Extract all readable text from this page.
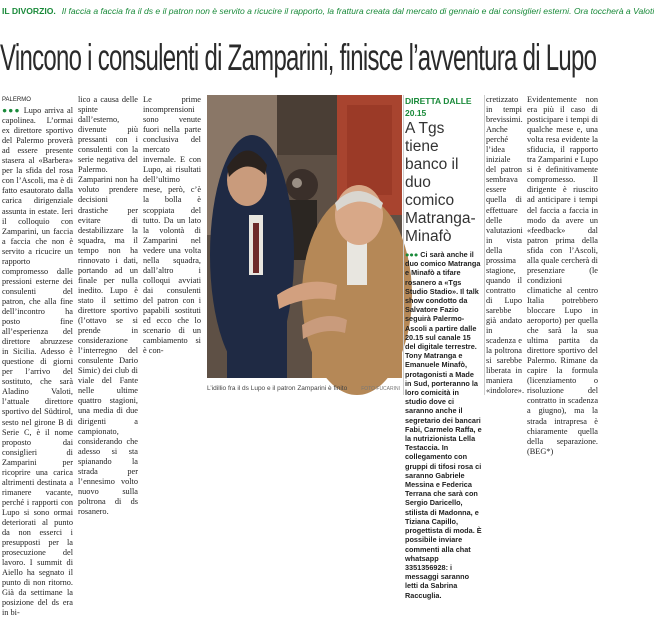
IL DIVORZIO. Il faccia a faccia fra il ds e il patron non è servito a ricucire il rapporto, la frattura creata dal mercato di gennaio e dai consiglieri esterni. Ora toccherà a Valoti
Vincono i consulenti di Zamparini, finisce l’avventura di Lupo
PALERMO
●●● Lupo arriva al capolinea. L’ormai ex direttore sportivo del Palermo proverà ad essere presente stasera al «Barbera» per la sfida del rosa con l’Ascoli, ma è di fatto esautorato dalla carica dirigenziale assunta in estate. Ieri il colloquio con Zamparini, un faccia a faccia che non è servito a ricucire un rapporto compromesso dalle pressioni esterne dei consulenti del patron, che alla fine dell’incontro ha posto fine all’esperienza del direttore abruzzese in Sicilia. Adesso è questione di giorni per l’arrivo del sostituto, che sarà Aladino Valoti, l’attuale direttore sportivo del Südtirol, sesto nel girone B di Serie C, è il nome proposto dai consiglieri di Zamparini per ricoprire una carica altrimenti destinata a rimanere vacante, perché i rapporti con Lupo si sono ormai deteriorati al punto da non esserci i presupposti per la prosecuzione del lavoro. I summit di Aiello ha segnato il punto di non ritorno. Già da settimane la posizione del ds era in bi-
lico a causa delle spinte dall’esterno, divenute più pressanti con i consulenti con la serie negativa del Palermo. Zamparini non ha voluto prendere decisioni drastiche per evitare di destabilizzare la squadra, ma il tempo non ha rinnovato i dati, portando ad un finale per nulla inedito. Lupo è stato il settimo direttore sportivo (l’ottavo se si prende in considerazione l’interregno del consulente Dario Simic) dei club di viale del Fante nelle ultime quattro stagioni, una media di due dirigenti a campionato, considerando che adesso si sta spianando la strada per l’ennesimo volto nuovo sulla poltrona di ds rosanero.
Le prime incomprensioni sono venute fuori nella parte conclusiva del mercato invernale. E con Lupo, ai risultati dell’ultimo mese, però, c’è la bolla è scoppiata del tutto. Da un lato la volontà di Zamparini nel vedere una volta nella squadra, dall’altro i colloqui avviati dai consulenti del patron con i papabili sostituti ed ecco che lo scenario di un cambiamento si è con-
L’idillio fra il ds Lupo e il patron Zamparini è finito	FOTO FUCARINI
DIRETTA DALLE 20.15
A Tgs tiene banco il duo comico Matranga-Minafò
●●● Ci sarà anche il duo comico Matranga e Minafò a tifare rosanero a «Tgs Studio Stadio». Il talk show condotto da Salvatore Fazio seguirà Palermo-Ascoli a partire dalle 20.15 sul canale 15 del digitale terrestre. Tony Matranga e Emanuele Minafò, protagonisti a Made in Sud, porteranno la loro comicità in studio dove ci saranno anche il segretario dei bancari Fabi, Carmelo Raffa, e la nutrizionista Lella Testaccia. In collegamento con gruppi di tifosi rosa ci saranno Gabriele Messina e Federica Terrana che sarà con Sergio Daricello, stilista di Madonna, e Tiziana Capillo, progettista di moda. È possibile inviare commenti alla chat whatsapp 3351356928: i messaggi saranno letti da Sabrina Raccuglia.
cretizzato in tempi brevissimi. Anche perché l’idea iniziale del patron sembrava essere quella di effettuare delle valutazioni in vista della prossima stagione, quando il contratto di Lupo sarebbe già andato in scadenza e la poltrona si sarebbe liberata in maniera «indolore».
Evidentemente non era più il caso di posticipare i tempi di qualche mese e, una volta resa evidente la sfiducia, il rapporto tra Zamparini e Lupo si è definitivamente compromesso. Il dirigente è riuscito ad anticipare i tempi del faccia a faccia in modo da avere un «feedback» dal patron prima della sfida con l’Ascoli, alla quale cercherà di presenziare (le condizioni climatiche al centro Italia potrebbero bloccare Lupo in aeroporto) per quella che sarà la sua ultima partita da direttore sportivo del Palermo. Rimane da capire la formula (licenziamento o risoluzione del contratto in scadenza a giugno), ma la strada intrapresa è chiaramente quella della separazione. (BEG*)
